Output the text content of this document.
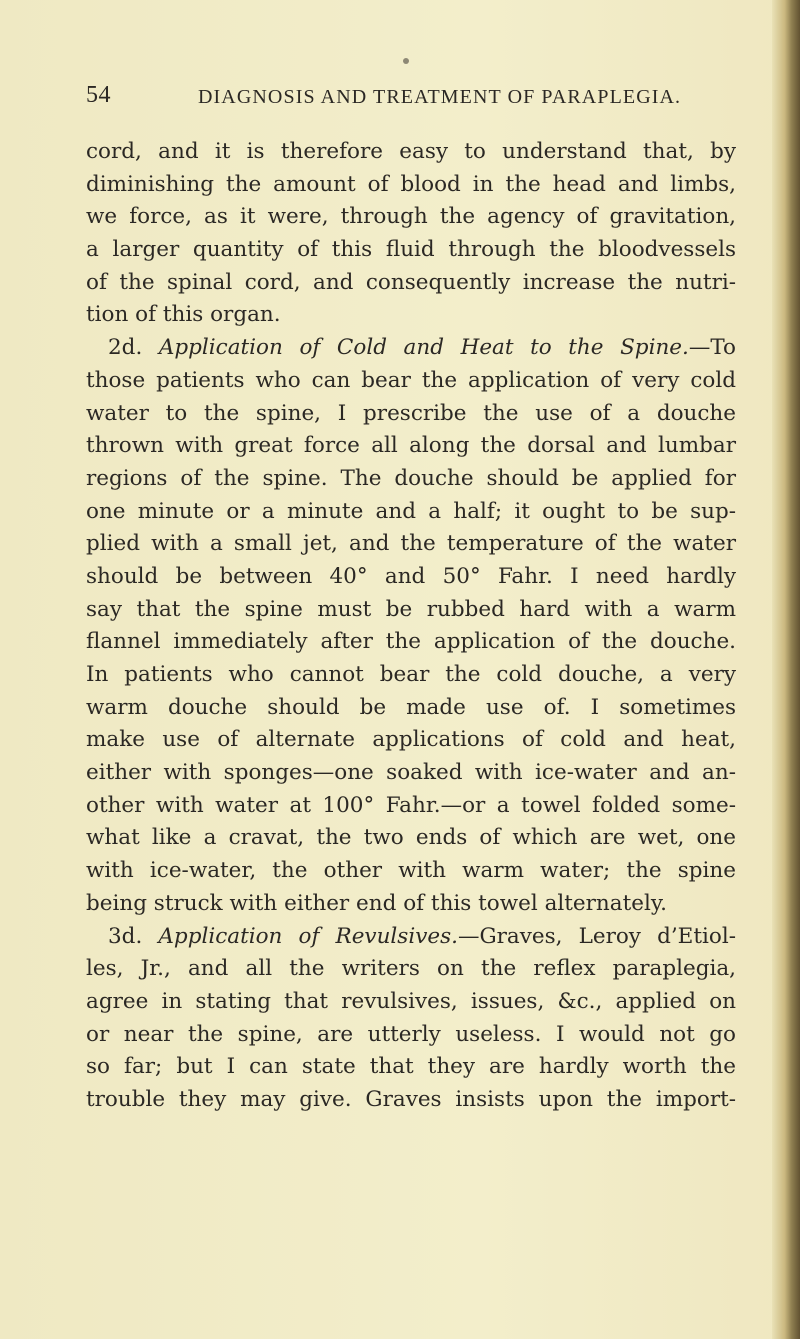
54	DIAGNOSIS AND TREATMENT OF PARAPLEGIA.
cord, and it is therefore easy to understand that, by
diminishing the amount of blood in the head and limbs,
we force, as it were, through the agency of gravitation,
a larger quantity of this fluid through the bloodvessels
of the spinal cord, and consequently increase the nutri-
tion of this organ.
2d. Application of Cold and Heat to the Spine.—To
those patients who can bear the application of very cold
water to the spine, I prescribe the use of a douche
thrown with great force all along the dorsal and lumbar
regions of the spine. The douche should be applied for
one minute or a minute and a half; it ought to be sup-
plied with a small jet, and the temperature of the water
should be between 40° and 50° Fahr. I need hardly
say that the spine must be rubbed hard with a warm
flannel immediately after the application of the douche.
In patients who cannot bear the cold douche, a very
warm douche should be made use of. I sometimes
make use of alternate applications of cold and heat,
either with sponges—one soaked with ice-water and an-
other with water at 100° Fahr.—or a towel folded some-
what like a cravat, the two ends of which are wet, one
with ice-water, the other with warm water; the spine
being struck with either end of this towel alternately.
3d. Application of Revulsives.—Graves, Leroy d’Etiol-
les, Jr., and all the writers on the reflex paraplegia,
agree in stating that revulsives, issues, &c., applied on
or near the spine, are utterly useless. I would not go
so far; but I can state that they are hardly worth the
trouble they may give. Graves insists upon the import-
